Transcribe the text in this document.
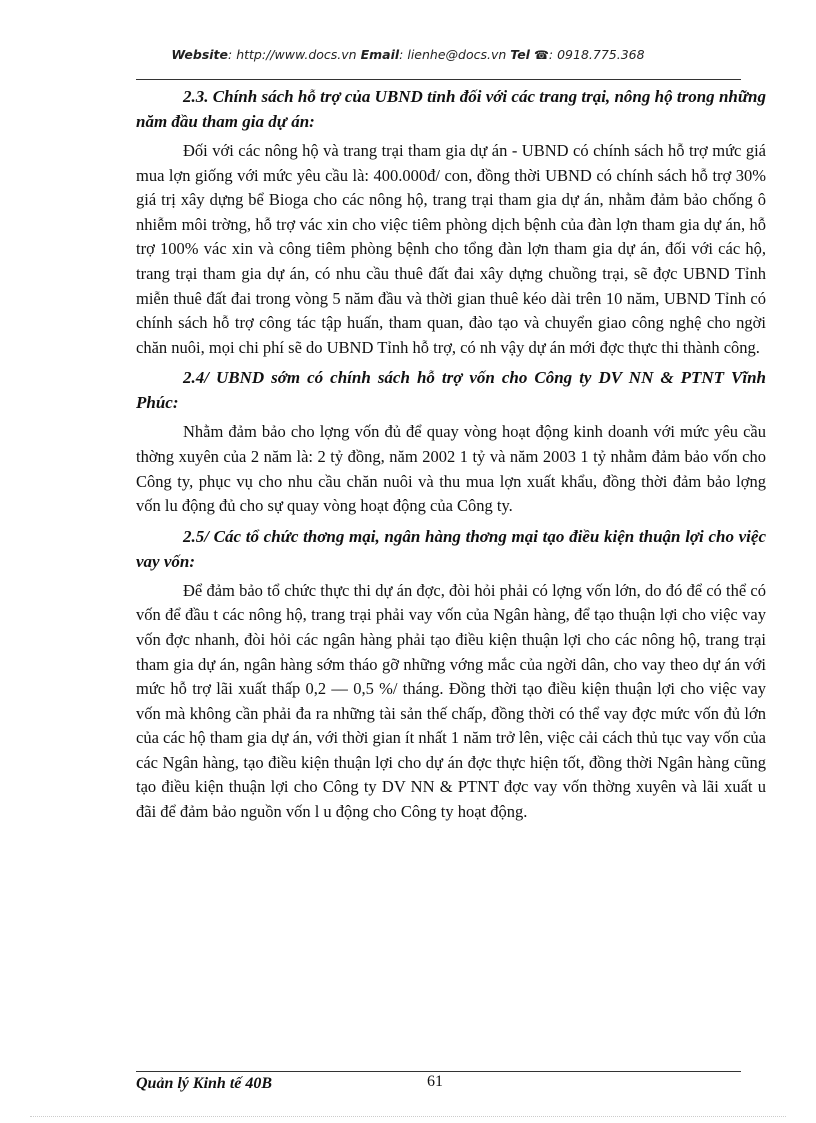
Website: http://www.docs.vn Email: lienhe@docs.vn Tel ☎: 0918.775.368

2.3. Chính sách hỗ trợ của UBND tỉnh đối với các trang trại, nông hộ trong những năm đầu tham gia dự án:

Đối với các nông hộ và trang trại tham gia dự án - UBND có chính sách hỗ trợ mức giá mua lợn giống với mức yêu cầu là: 400.000đ/ con, đồng thời UBND có chính sách hỗ trợ 30% giá trị xây dựng bể Bioga cho các nông hộ, trang trại tham gia dự án, nhằm đảm bảo chống ô nhiễm môi trờng, hỗ trợ vác xin cho việc tiêm phòng dịch bệnh của đàn lợn tham gia dự án, hỗ trợ 100% vác xin và công tiêm phòng bệnh cho tổng đàn lợn tham gia dự án, đối với các hộ, trang trại tham gia dự án, có nhu cầu thuê đất đai xây dựng chuồng trại, sẽ đợc UBND Tỉnh miễn thuê đất đai trong vòng 5 năm đầu và thời gian thuê kéo dài trên 10 năm, UBND Tỉnh có chính sách hỗ trợ công tác tập huấn, tham quan, đào tạo và chuyển giao công nghệ cho ngời chăn nuôi, mọi chi phí sẽ do UBND Tỉnh hỗ trợ, có nh vậy dự án mới đợc thực thi thành công.

2.4/ UBND sớm có chính sách hỗ trợ vốn cho Công ty DV NN & PTNT Vĩnh Phúc:

Nhằm đảm bảo cho lợng vốn đủ để quay vòng hoạt động kinh doanh với mức yêu cầu thờng xuyên của 2 năm là: 2 tỷ đồng, năm 2002 1 tỷ và năm 2003 1 tỷ nhằm đảm bảo vốn cho Công ty, phục vụ cho nhu cầu chăn nuôi và thu mua lợn xuất khẩu, đồng thời đảm bảo lợng vốn lu động đủ cho sự quay vòng hoạt động của Công ty.

2.5/ Các tổ chức thơng mại, ngân hàng thơng mại tạo điều kiện thuận lợi cho việc vay vốn:

Để đảm bảo tổ chức thực thi dự án đợc, đòi hỏi phải có lợng vốn lớn, do đó để có thể có vốn để đầu t các nông hộ, trang trại phải vay vốn của Ngân hàng, để tạo thuận lợi cho việc vay vốn đợc nhanh, đòi hỏi các ngân hàng phải tạo điều kiện thuận lợi cho các nông hộ, trang trại tham gia dự án, ngân hàng sớm tháo gỡ những vớng mắc của ngời dân, cho vay theo dự án với mức hỗ trợ lãi xuất thấp 0,2 — 0,5 %/ tháng. Đồng thời tạo điều kiện thuận lợi cho việc vay vốn mà không cần phải đa ra những tài sản thế chấp, đồng thời có thể vay đợc mức vốn đủ lớn của các hộ tham gia dự án, với thời gian ít nhất 1 năm trở lên, việc cải cách thủ tục vay vốn của các Ngân hàng, tạo điều kiện thuận lợi cho dự án đợc thực hiện tốt, đồng thời Ngân hàng cũng tạo điều kiện thuận lợi cho Công ty DV NN & PTNT đợc vay vốn thờng xuyên và lãi xuất u đãi để đảm bảo nguồn vốn l u động cho Công ty hoạt động.

Quản lý Kinh tế 40B	61
